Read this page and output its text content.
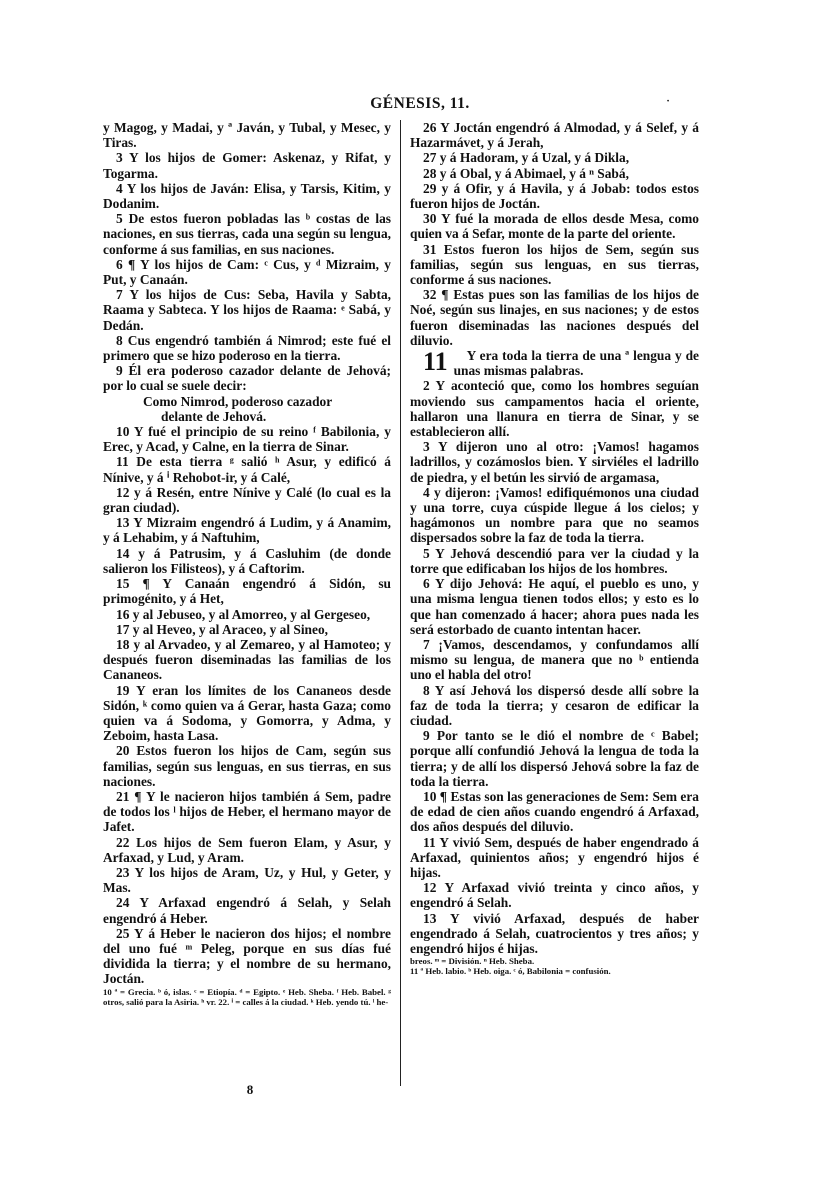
GÉNESIS, 11.	·

y Magog, y Madai, y ª Javán, y Tubal, y Mesec, y Tiras.

3 Y los hijos de Gomer: Askenaz, y Rifat, y Togarma.

4 Y los hijos de Javán: Elisa, y Tarsis, Kitim, y Dodanim.

5 De estos fueron pobladas las ᵇ costas de las naciones, en sus tierras, cada una según su lengua, conforme á sus familias, en sus naciones.

6 ¶ Y los hijos de Cam: ᶜ Cus, y ᵈ Mizraim, y Put, y Canaán.

7 Y los hijos de Cus: Seba, Havila y Sabta, Raama y Sabteca. Y los hijos de Raama: ᵉ Sabá, y Dedán.

8 Cus engendró también á Nimrod; este fué el primero que se hizo poderoso en la tierra.

9 Él era poderoso cazador delante de Jehová; por lo cual se suele decir:

Como Nimrod, poderoso cazador

delante de Jehová.

10 Y fué el principio de su reino ᶠ Babilonia, y Erec, y Acad, y Calne, en la tierra de Sinar.

11 De esta tierra ᵍ salió ʰ Asur, y edificó á Nínive, y á ⁱ Rehobot-ir, y á Calé,

12 y á Resén, entre Nínive y Calé (lo cual es la gran ciudad).

13 Y Mizraim engendró á Ludim, y á Anamim, y á Lehabim, y á Naftuhim,

14 y á Patrusim, y á Casluhim (de donde salieron los Filisteos), y á Caftorim.

15 ¶ Y Canaán engendró á Sidón, su primogénito, y á Het,

16 y al Jebuseo, y al Amorreo, y al Gergeseo,

17 y al Heveo, y al Araceo, y al Sineo,

18 y al Arvadeo, y al Zemareo, y al Hamoteo; y después fueron diseminadas las familias de los Cananeos.

19 Y eran los límites de los Cananeos desde Sidón, ᵏ como quien va á Gerar, hasta Gaza; como quien va á Sodoma, y Gomorra, y Adma, y Zeboim, hasta Lasa.

20 Estos fueron los hijos de Cam, según sus familias, según sus lenguas, en sus tierras, en sus naciones.

21 ¶ Y le nacieron hijos también á Sem, padre de todos los ˡ hijos de Heber, el hermano mayor de Jafet.

22 Los hijos de Sem fueron Elam, y Asur, y Arfaxad, y Lud, y Aram.

23 Y los hijos de Aram, Uz, y Hul, y Geter, y Mas.

24 Y Arfaxad engendró á Selah, y Selah engendró á Heber.

25 Y á Heber le nacieron dos hijos; el nombre del uno fué ᵐ Peleg, porque en sus días fué dividida la tierra; y el nombre de su hermano, Joctán.

10 ª = Grecia. ᵇ ó, islas. ᶜ = Etiopía. ᵈ = Egipto. ᵉ Heb. Sheba. ᶠ Heb. Babel. ᵍ otros, salió para la Asiria. ʰ vr. 22. ⁱ = calles á la ciudad. ᵏ Heb. yendo tú. ˡ he-

26 Y Joctán engendró á Almodad, y á Selef, y á Hazarmávet, y á Jerah,

27 y á Hadoram, y á Uzal, y á Dikla,

28 y á Obal, y á Abimael, y á ⁿ Sabá,

29 y á Ofir, y á Havila, y á Jobab: todos estos fueron hijos de Joctán.

30 Y fué la morada de ellos desde Mesa, como quien va á Sefar, monte de la parte del oriente.

31 Estos fueron los hijos de Sem, según sus familias, según sus lenguas, en sus tierras, conforme á sus naciones.

32 ¶ Estas pues son las familias de los hijos de Noé, según sus linajes, en sus naciones; y de estos fueron diseminadas las naciones después del diluvio.

11 Y era toda la tierra de una ª lengua y de unas mismas palabras.

2 Y aconteció que, como los hombres seguían moviendo sus campamentos hacia el oriente, hallaron una llanura en tierra de Sinar, y se establecieron allí.

3 Y dijeron uno al otro: ¡Vamos! hagamos ladrillos, y cozámoslos bien. Y sirviéles el ladrillo de piedra, y el betún les sirvió de argamasa,

4 y dijeron: ¡Vamos! edifiquémonos una ciudad y una torre, cuya cúspide llegue á los cielos; y hagámonos un nombre para que no seamos dispersados sobre la faz de toda la tierra.

5 Y Jehová descendió para ver la ciudad y la torre que edificaban los hijos de los hombres.

6 Y dijo Jehová: He aquí, el pueblo es uno, y una misma lengua tienen todos ellos; y esto es lo que han comenzado á hacer; ahora pues nada les será estorbado de cuanto intentan hacer.

7 ¡Vamos, descendamos, y confundamos allí mismo su lengua, de manera que no ᵇ entienda uno el habla del otro!

8 Y así Jehová los dispersó desde allí sobre la faz de toda la tierra; y cesaron de edificar la ciudad.

9 Por tanto se le dió el nombre de ᶜ Babel; porque allí confundió Jehová la lengua de toda la tierra; y de allí los dispersó Jehová sobre la faz de toda la tierra.

10 ¶ Estas son las generaciones de Sem: Sem era de edad de cien años cuando engendró á Arfaxad, dos años después del diluvio.

11 Y vivió Sem, después de haber engendrado á Arfaxad, quinientos años; y engendró hijos é hijas.

12 Y Arfaxad vivió treinta y cinco años, y engendró á Selah.

13 Y vivió Arfaxad, después de haber engendrado á Selah, cuatrocientos y tres años; y engendró hijos é hijas.

breos. ᵐ = División. ⁿ Heb. Sheba.

11 ª Heb. labio. ᵇ Heb. oiga. ᶜ ó, Babilonia = confusión.

8
